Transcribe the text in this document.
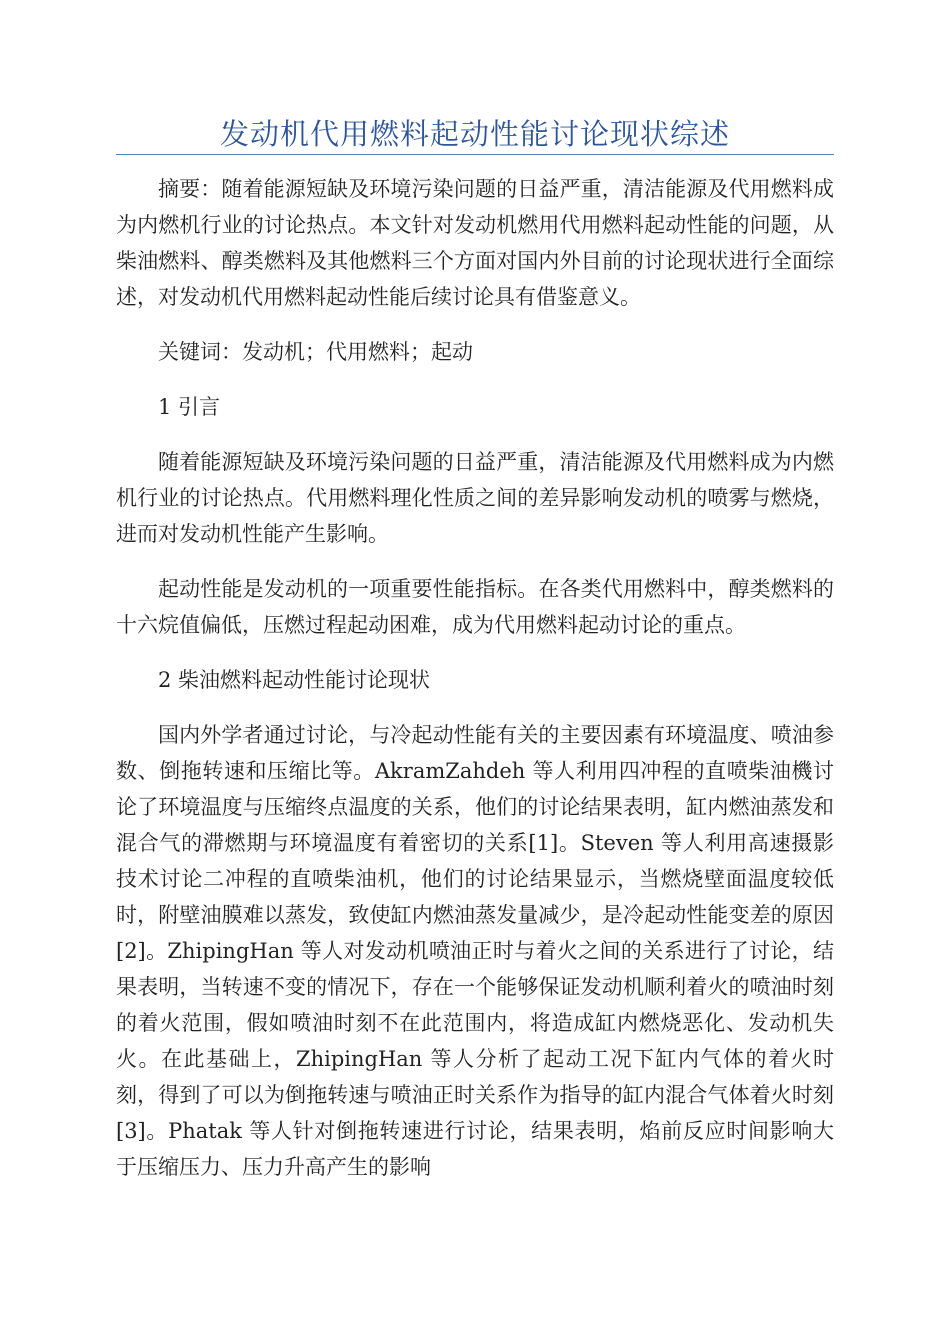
发动机代用燃料起动性能讨论现状综述

摘要：随着能源短缺及环境污染问题的日益严重，清洁能源及代用燃料成为内燃机行业的讨论热点。本文针对发动机燃用代用燃料起动性能的问题，从柴油燃料、醇类燃料及其他燃料三个方面对国内外目前的讨论现状进行全面综述，对发动机代用燃料起动性能后续讨论具有借鉴意义。

关键词：发动机；代用燃料；起动

1 引言

随着能源短缺及环境污染问题的日益严重，清洁能源及代用燃料成为内燃机行业的讨论热点。代用燃料理化性质之间的差异影响发动机的喷雾与燃烧，进而对发动机性能产生影响。

起动性能是发动机的一项重要性能指标。在各类代用燃料中，醇类燃料的十六烷值偏低，压燃过程起动困难，成为代用燃料起动讨论的重点。

2 柴油燃料起动性能讨论现状

国内外学者通过讨论，与冷起动性能有关的主要因素有环境温度、喷油参数、倒拖转速和压缩比等。AkramZahdeh 等人利用四冲程的直喷柴油機讨论了环境温度与压缩终点温度的关系，他们的讨论结果表明，缸内燃油蒸发和混合气的滞燃期与环境温度有着密切的关系[1]。Steven 等人利用高速摄影技术讨论二冲程的直喷柴油机，他们的讨论结果显示，当燃烧壁面温度较低时，附壁油膜难以蒸发，致使缸内燃油蒸发量减少，是冷起动性能变差的原因[2]。ZhipingHan 等人对发动机喷油正时与着火之间的关系进行了讨论，结果表明，当转速不变的情况下，存在一个能够保证发动机顺利着火的喷油时刻的着火范围，假如喷油时刻不在此范围内，将造成缸内燃烧恶化、发动机失火。在此基础上，ZhipingHan 等人分析了起动工况下缸内气体的着火时刻，得到了可以为倒拖转速与喷油正时关系作为指导的缸内混合气体着火时刻[3]。Phatak 等人针对倒拖转速进行讨论，结果表明，焰前反应时间影响大于压缩压力、压力升高产生的影响
